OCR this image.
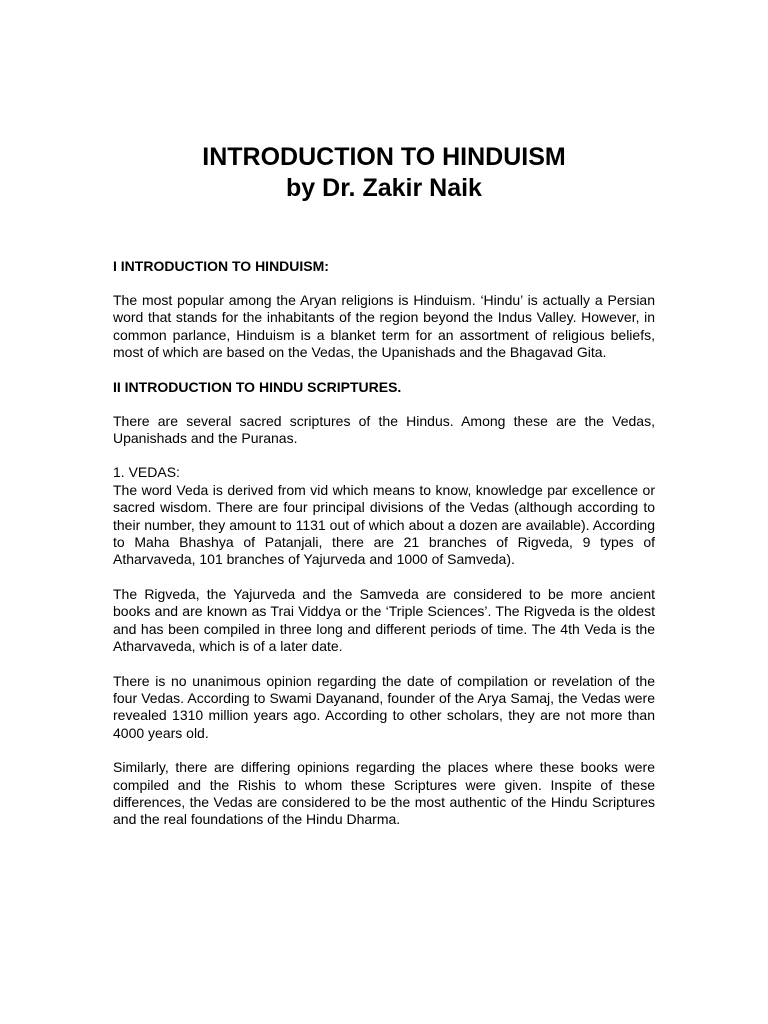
INTRODUCTION TO HINDUISM
by Dr. Zakir Naik
I INTRODUCTION TO HINDUISM:

The most popular among the Aryan religions is Hinduism. ‘Hindu’ is actually a Persian word that stands for the inhabitants of the region beyond the Indus Valley. However, in common parlance, Hinduism is a blanket term for an assortment of religious beliefs, most of which are based on the Vedas, the Upanishads and the Bhagavad Gita.

II INTRODUCTION TO HINDU SCRIPTURES.

There are several sacred scriptures of the Hindus. Among these are the Vedas, Upanishads and the Puranas.

1. VEDAS:

The word Veda is derived from vid which means to know, knowledge par excellence or sacred wisdom. There are four principal divisions of the Vedas (although according to their number, they amount to 1131 out of which about a dozen are available). According to Maha Bhashya of Patanjali, there are 21 branches of Rigveda, 9 types of Atharvaveda, 101 branches of Yajurveda and 1000 of Samveda).

The Rigveda, the Yajurveda and the Samveda are considered to be more ancient books and are known as Trai Viddya or the ‘Triple Sciences’. The Rigveda is the oldest and has been compiled in three long and different periods of time. The 4th Veda is the Atharvaveda, which is of a later date.

There is no unanimous opinion regarding the date of compilation or revelation of the four Vedas. According to Swami Dayanand, founder of the Arya Samaj, the Vedas were revealed 1310 million years ago. According to other scholars, they are not more than 4000 years old.

Similarly, there are differing opinions regarding the places where these books were compiled and the Rishis to whom these Scriptures were given. Inspite of these differences, the Vedas are considered to be the most authentic of the Hindu Scriptures and the real foundations of the Hindu Dharma.
